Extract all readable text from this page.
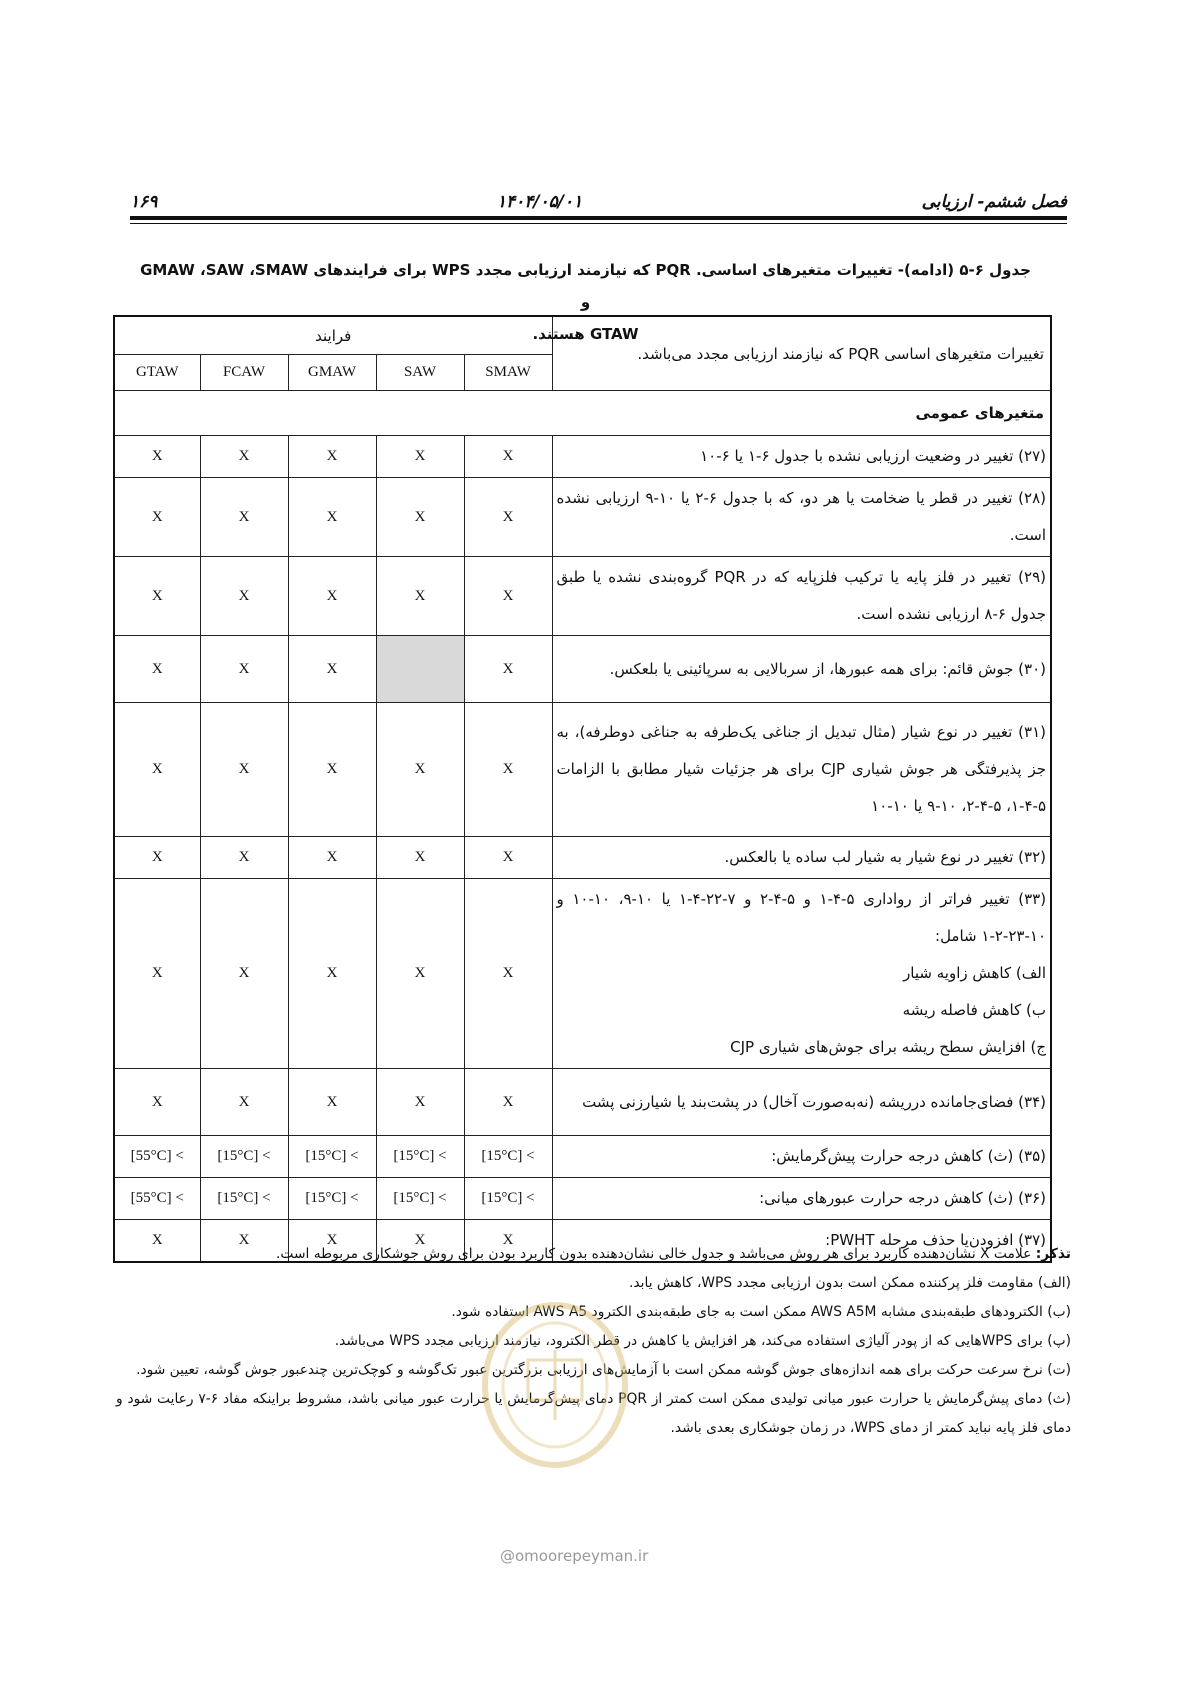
فصل ششم- ارزیابی
۱۴۰۴/۰۵/۰۱
۱۶۹
جدول ۶-۵ (ادامه)- تغییرات متغیرهای اساسی. PQR که نیازمند ارزیابی مجدد WPS برای فرایندهای GMAW ،SAW ،SMAW و
GTAW هستند.
تغییرات متغیرهای اساسی PQR که نیازمند ارزیابی مجدد می‌باشد.	فرایند				
	SMAW	SAW	GMAW	FCAW	GTAW
متغیرهای عمومی					

(۲۷) تغییر در وضعیت ارزیابی نشده با جدول ۶-۱ یا ۶-۱۰	X	X	X	X	X

(۲۸) تغییر در قطر یا ضخامت یا هر دو، که با جدول ۶-۲ یا ۱۰-۹ ارزیابی نشده است.	X	X	X	X	X

(۲۹) تغییر در فلز پایه یا ترکیب فلزپایه که در PQR گروه‌بندی نشده یا طبق جدول ۶-۸ ارزیابی نشده است.	X	X	X	X	X

(۳۰) جوش قائم: برای همه عبورها، از سربالایی به سرپائینی یا بلعکس.	X		X	X	X

(۳۱) تغییر در نوع شیار (مثال تبدیل از جناغی یک‌طرفه به جناغی دوطرفه)، به جز پذیرفتگی هر جوش شیاری CJP برای هر جزئیات شیار مطابق با الزامات ۵-۴-۱، ۵-۴-۲، ۱۰-۹ یا ۱۰-۱۰	X	X	X	X	X

(۳۲) تغییر در نوع شیار به شیار لب ساده یا بالعکس.	X	X	X	X	X

(۳۳) تغییر فراتر از رواداری ۵-۴-۱ و ۵-۴-۲ و ۷-۲۲-۴-۱ یا ۱۰-۹، ۱۰-۱۰ و ۱۰-۲۳-۲-۱ شامل:
الف) کاهش زاویه شیار
ب) کاهش فاصله ریشه
ج) افزایش سطح ریشه برای جوش‌های شیاری CJP	X	X	X	X	X

(۳۴) فضای‌جامانده درریشه (نه‌به‌صورت آخال) در پشت‌بند یا شیارزنی پشت	X	X	X	X	X

(۳۵) (ث) کاهش درجه حرارت پیش‌گرمایش:	> [15°C]	> [15°C]	> [15°C]	> [15°C]	> [55°C]

(۳۶) (ث) کاهش درجه حرارت عبورهای میانی:	> [15°C]	> [15°C]	> [15°C]	> [15°C]	> [55°C]

(۳۷) افزودن‌یا حذف مرحله PWHT:	X	X	X	X	X

تذکر: علامت X نشان‌دهنده کاربرد برای هر روش می‌باشد و جدول خالی نشان‌دهنده بدون کاربرد بودن برای روش جوشکاری مربوطه است.

(الف) مقاومت فلز پرکننده ممکن است بدون ارزیابی مجدد WPS، کاهش یابد.

(ب) الکترودهای طبقه‌بندی مشابه AWS A5M ممکن است به جای طبقه‌بندی الکترود AWS A5 استفاده شود.

(پ) برای WPSهایی که از پودر آلیاژی استفاده می‌کند، هر افزایش یا کاهش در قطر الکترود، نیازمند ارزیابی مجدد WPS می‌باشد.

(ت) نرخ سرعت حرکت برای همه اندازه‌های جوش گوشه ممکن است با آزمایش‌های ارزیابی بزرگترین عبور تک‌گوشه و کوچک‌ترین چندعبور جوش گوشه، تعیین شود.

(ث) دمای پیش‌گرمایش یا حرارت عبور میانی تولیدی ممکن است کمتر از PQR دمای پیش‌گرمایش یا حرارت عبور میانی باشد، مشروط براینکه مفاد ۶-۷ رعایت شود و دمای فلز پایه نباید کمتر از دمای WPS، در زمان جوشکاری بعدی باشد.

@omoorepeyman.ir
